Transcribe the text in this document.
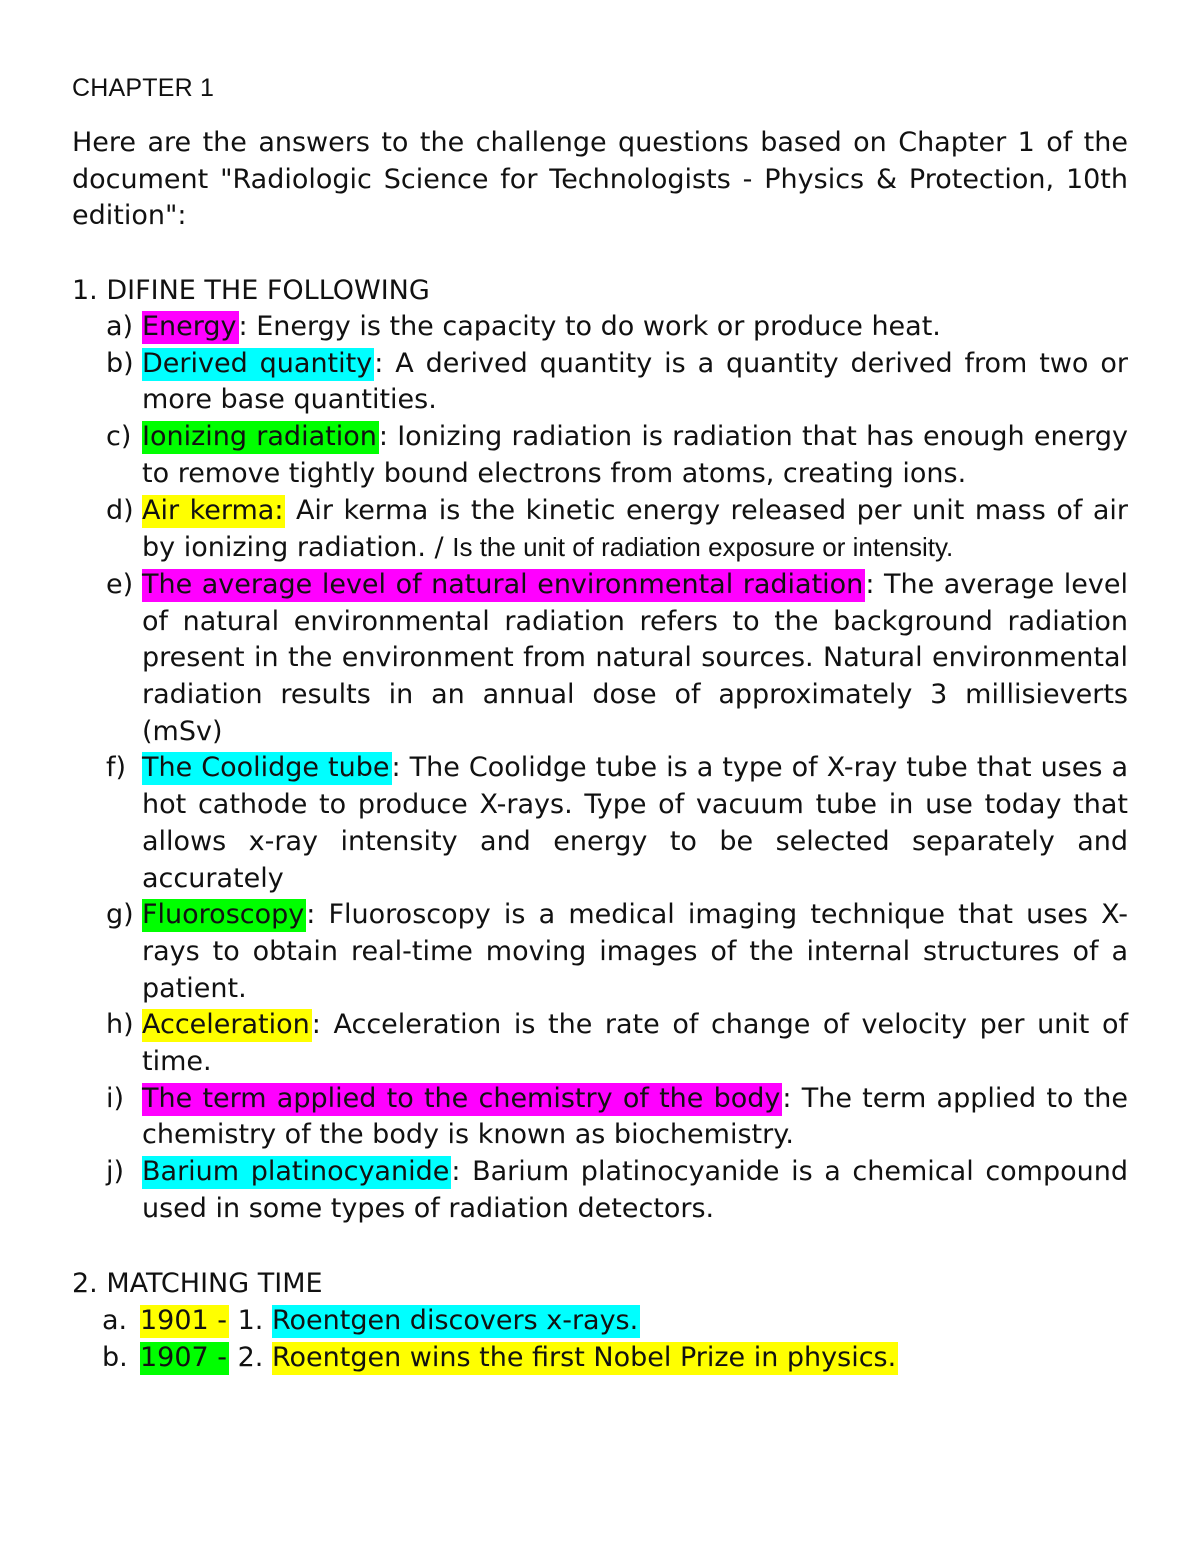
CHAPTER 1

Here are the answers to the challenge questions based on Chapter 1 of the document "Radiologic Science for Technologists - Physics & Protection, 10th edition":

1. DIFINE THE FOLLOWING
a) Energy: Energy is the capacity to do work or produce heat.
b) Derived quantity: A derived quantity is a quantity derived from two or more base quantities.
c) Ionizing radiation: Ionizing radiation is radiation that has enough energy to remove tightly bound electrons from atoms, creating ions.
d) Air kerma: Air kerma is the kinetic energy released per unit mass of air by ionizing radiation. / Is the unit of radiation exposure or intensity.
e) The average level of natural environmental radiation: The average level of natural environmental radiation refers to the background radiation present in the environment from natural sources. Natural environmental radiation results in an annual dose of approximately 3 millisieverts (mSv)
f) The Coolidge tube: The Coolidge tube is a type of X-ray tube that uses a hot cathode to produce X-rays. Type of vacuum tube in use today that allows x-ray intensity and energy to be selected separately and accurately
g) Fluoroscopy: Fluoroscopy is a medical imaging technique that uses X-rays to obtain real-time moving images of the internal structures of a patient.
h) Acceleration: Acceleration is the rate of change of velocity per unit of time.
i) The term applied to the chemistry of the body: The term applied to the chemistry of the body is known as biochemistry.
j) Barium platinocyanide: Barium platinocyanide is a chemical compound used in some types of radiation detectors.
2. MATCHING TIME
a. 1901 - 1. Roentgen discovers x-rays.
b. 1907 - 2. Roentgen wins the first Nobel Prize in physics.
